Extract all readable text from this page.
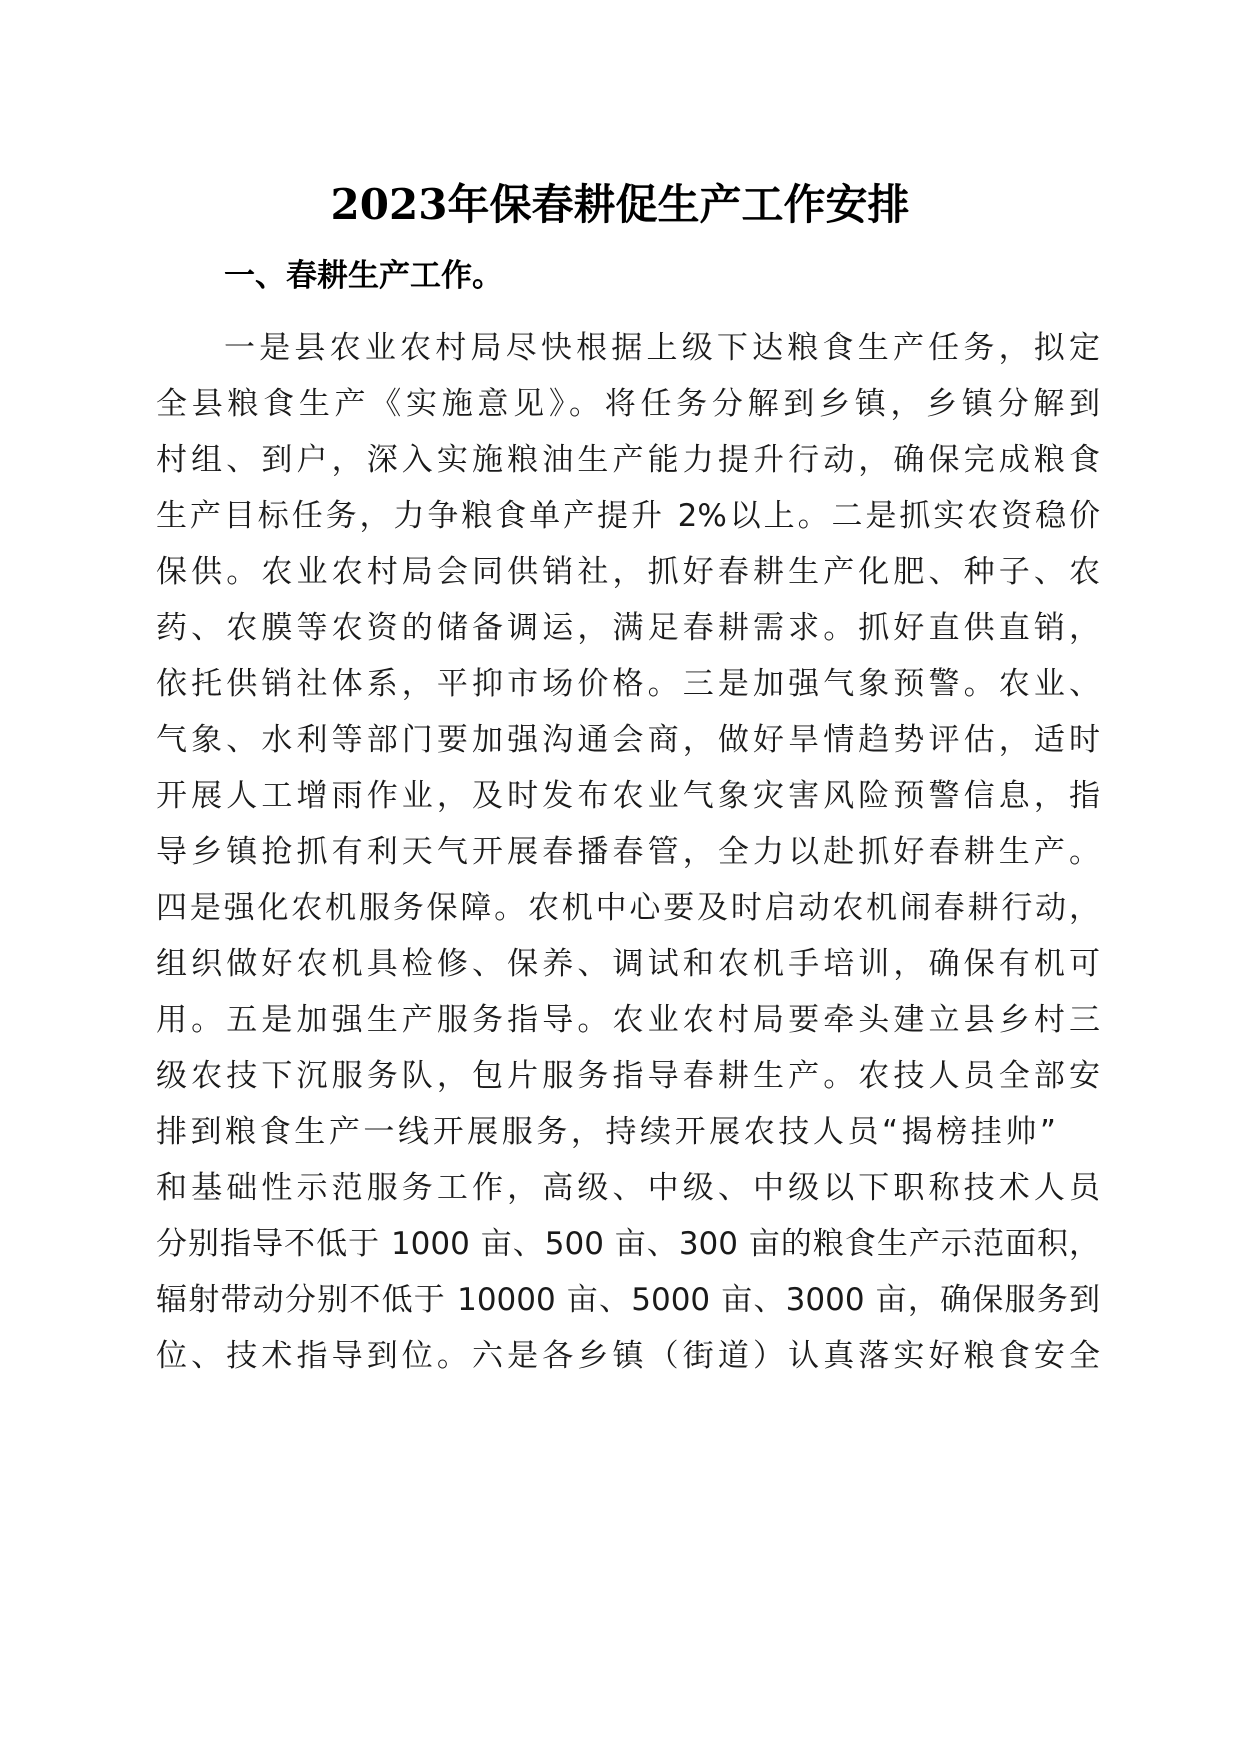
2023年保春耕促生产工作安排
一、春耕生产工作。

一是县农业农村局尽快根据上级下达粮食生产任务，拟定

全县粮食生产《实施意见》。将任务分解到乡镇，乡镇分解到

村组、到户，深入实施粮油生产能力提升行动，确保完成粮食

生产目标任务，力争粮食单产提升 2%以上。二是抓实农资稳价

保供。农业农村局会同供销社，抓好春耕生产化肥、种子、农

药、农膜等农资的储备调运，满足春耕需求。抓好直供直销，

依托供销社体系，平抑市场价格。三是加强气象预警。农业、

气象、水利等部门要加强沟通会商，做好旱情趋势评估，适时

开展人工增雨作业，及时发布农业气象灾害风险预警信息，指

导乡镇抢抓有利天气开展春播春管，全力以赴抓好春耕生产。

四是强化农机服务保障。农机中心要及时启动农机闹春耕行动，

组织做好农机具检修、保养、调试和农机手培训，确保有机可

用。五是加强生产服务指导。农业农村局要牵头建立县乡村三

级农技下沉服务队，包片服务指导春耕生产。农技人员全部安

排到粮食生产一线开展服务，持续开展农技人员“揭榜挂帅”

和基础性示范服务工作，高级、中级、中级以下职称技术人员

分别指导不低于 1000 亩、500 亩、300 亩的粮食生产示范面积，

辐射带动分别不低于 10000 亩、5000 亩、3000 亩，确保服务到

位、技术指导到位。六是各乡镇（街道）认真落实好粮食安全
